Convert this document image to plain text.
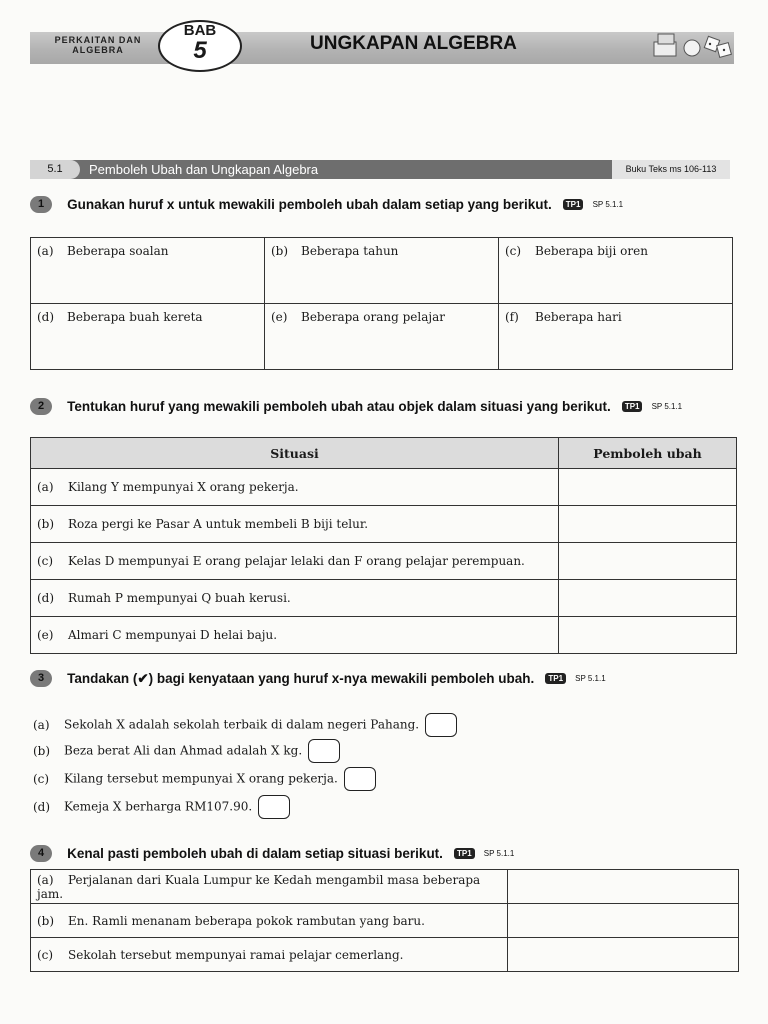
PERKAITAN DAN
ALGEBRA
BAB
5	UNGKAPAN ALGEBRA
5.1	Pemboleh Ubah dan Ungkapan Algebra	Buku Teks ms 106-113
1 Gunakan huruf x untuk mewakili pemboleh ubah dalam setiap yang berikut. TP1 SP 5.1.1
(a) Beberapa soalan	(b) Beberapa tahun	(c) Beberapa biji oren
(d) Beberapa buah kereta	(e) Beberapa orang pelajar	(f) Beberapa hari
2 Tentukan huruf yang mewakili pemboleh ubah atau objek dalam situasi yang berikut. TP1 SP 5.1.1
Situasi	Pemboleh ubah
(a) Kilang Y mempunyai X orang pekerja.	
(b) Roza pergi ke Pasar A untuk membeli B biji telur.	
(c) Kelas D mempunyai E orang pelajar lelaki dan F orang pelajar perempuan.	
(d) Rumah P mempunyai Q buah kerusi.	
(e) Almari C mempunyai D helai baju.	
3 Tandakan (✔) bagi kenyataan yang huruf x-nya mewakili pemboleh ubah. TP1 SP 5.1.1
(a) Sekolah X adalah sekolah terbaik di dalam negeri Pahang.
(b) Beza berat Ali dan Ahmad adalah X kg.
(c) Kilang tersebut mempunyai X orang pekerja.
(d) Kemeja X berharga RM107.90.
4 Kenal pasti pemboleh ubah di dalam setiap situasi berikut. TP1 SP 5.1.1
(a) Perjalanan dari Kuala Lumpur ke Kedah mengambil masa beberapa jam.	
(b) En. Ramli menanam beberapa pokok rambutan yang baru.	
(c) Sekolah tersebut mempunyai ramai pelajar cemerlang.	
